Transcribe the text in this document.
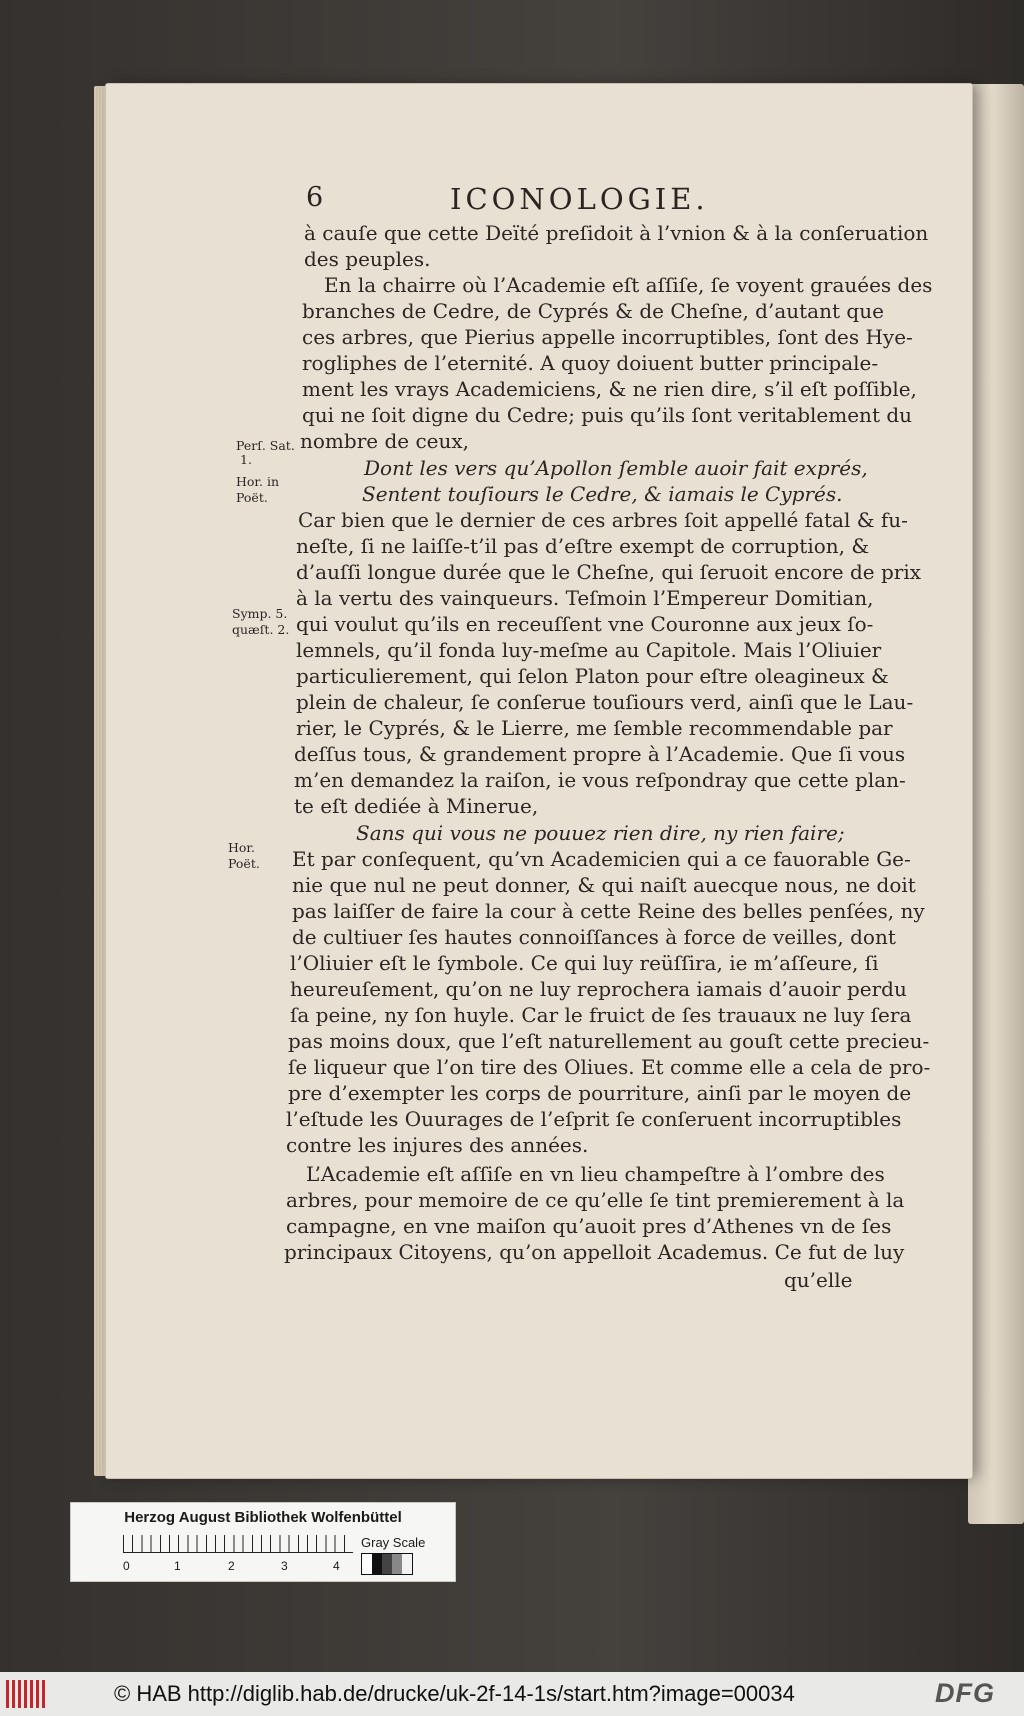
6	ICONOLOGIE.
à cauſe que cette Deïté preſidoit à l’vnion & à la conſeruation
des peuples.
En la chairre où l’Academie eſt aſſiſe, ſe voyent grauées des
branches de Cedre, de Cyprés & de Cheſne, d’autant que
ces arbres, que Pierius appelle incorruptibles, ſont des Hye-
rogliphes de l’eternité. A quoy doiuent butter principale-
ment les vrays Academiciens, & ne rien dire, s’il eſt poſſible,
qui ne ſoit digne du Cedre; puis qu’ils ſont veritablement du
nombre de ceux,
Dont les vers qu’Apollon ſemble auoir fait exprés,
Sentent touſiours le Cedre, & iamais le Cyprés.
Car bien que le dernier de ces arbres ſoit appellé fatal & fu-
neſte, ſi ne laiſſe-t’il pas d’eſtre exempt de corruption, &
d’auſſi longue durée que le Cheſne, qui ſeruoit encore de prix
à la vertu des vainqueurs. Teſmoin l’Empereur Domitian,
qui voulut qu’ils en receuſſent vne Couronne aux jeux ſo-
lemnels, qu’il fonda luy-meſme au Capitole. Mais l’Oliuier
particulierement, qui ſelon Platon pour eſtre oleagineux &
plein de chaleur, ſe conſerue touſiours verd, ainſi que le Lau-
rier, le Cyprés, & le Lierre, me ſemble recommendable par
deſſus tous, & grandement propre à l’Academie. Que ſi vous
m’en demandez la raiſon, ie vous reſpondray que cette plan-
te eſt dediée à Minerue,
Sans qui vous ne pouuez rien dire, ny rien faire;
Et par conſequent, qu’vn Academicien qui a ce fauorable Ge-
nie que nul ne peut donner, & qui naiſt auecque nous, ne doit
pas laiſſer de faire la cour à cette Reine des belles penſées, ny
de cultiuer ſes hautes connoiſſances à force de veilles, dont
l’Oliuier eſt le ſymbole. Ce qui luy reüſſira, ie m’aſſeure, ſi
heureuſement, qu’on ne luy reprochera iamais d’auoir perdu
ſa peine, ny ſon huyle. Car le fruict de ſes trauaux ne luy ſera
pas moins doux, que l’eſt naturellement au gouſt cette precieu-
ſe liqueur que l’on tire des Oliues. Et comme elle a cela de pro-
pre d’exempter les corps de pourriture, ainſi par le moyen de
l’eſtude les Ouurages de l’eſprit ſe conſeruent incorruptibles
contre les injures des années.
L’Academie eſt aſſiſe en vn lieu champeſtre à l’ombre des
arbres, pour memoire de ce qu’elle ſe tint premierement à la
campagne, en vne maiſon qu’auoit pres d’Athenes vn de ſes
principaux Citoyens, qu’on appelloit Academus. Ce fut de luy
qu’elle
Perſ. Sat.
1.
Hor. in
Poët.
Symp. 5.
quæſt. 2.
Hor.
Poët.
Herzog August Bibliothek Wolfenbüttel
0	1	2	3	4
Gray Scale
© HAB http://diglib.hab.de/drucke/uk-2f-14-1s/start.htm?image=00034	DFG
